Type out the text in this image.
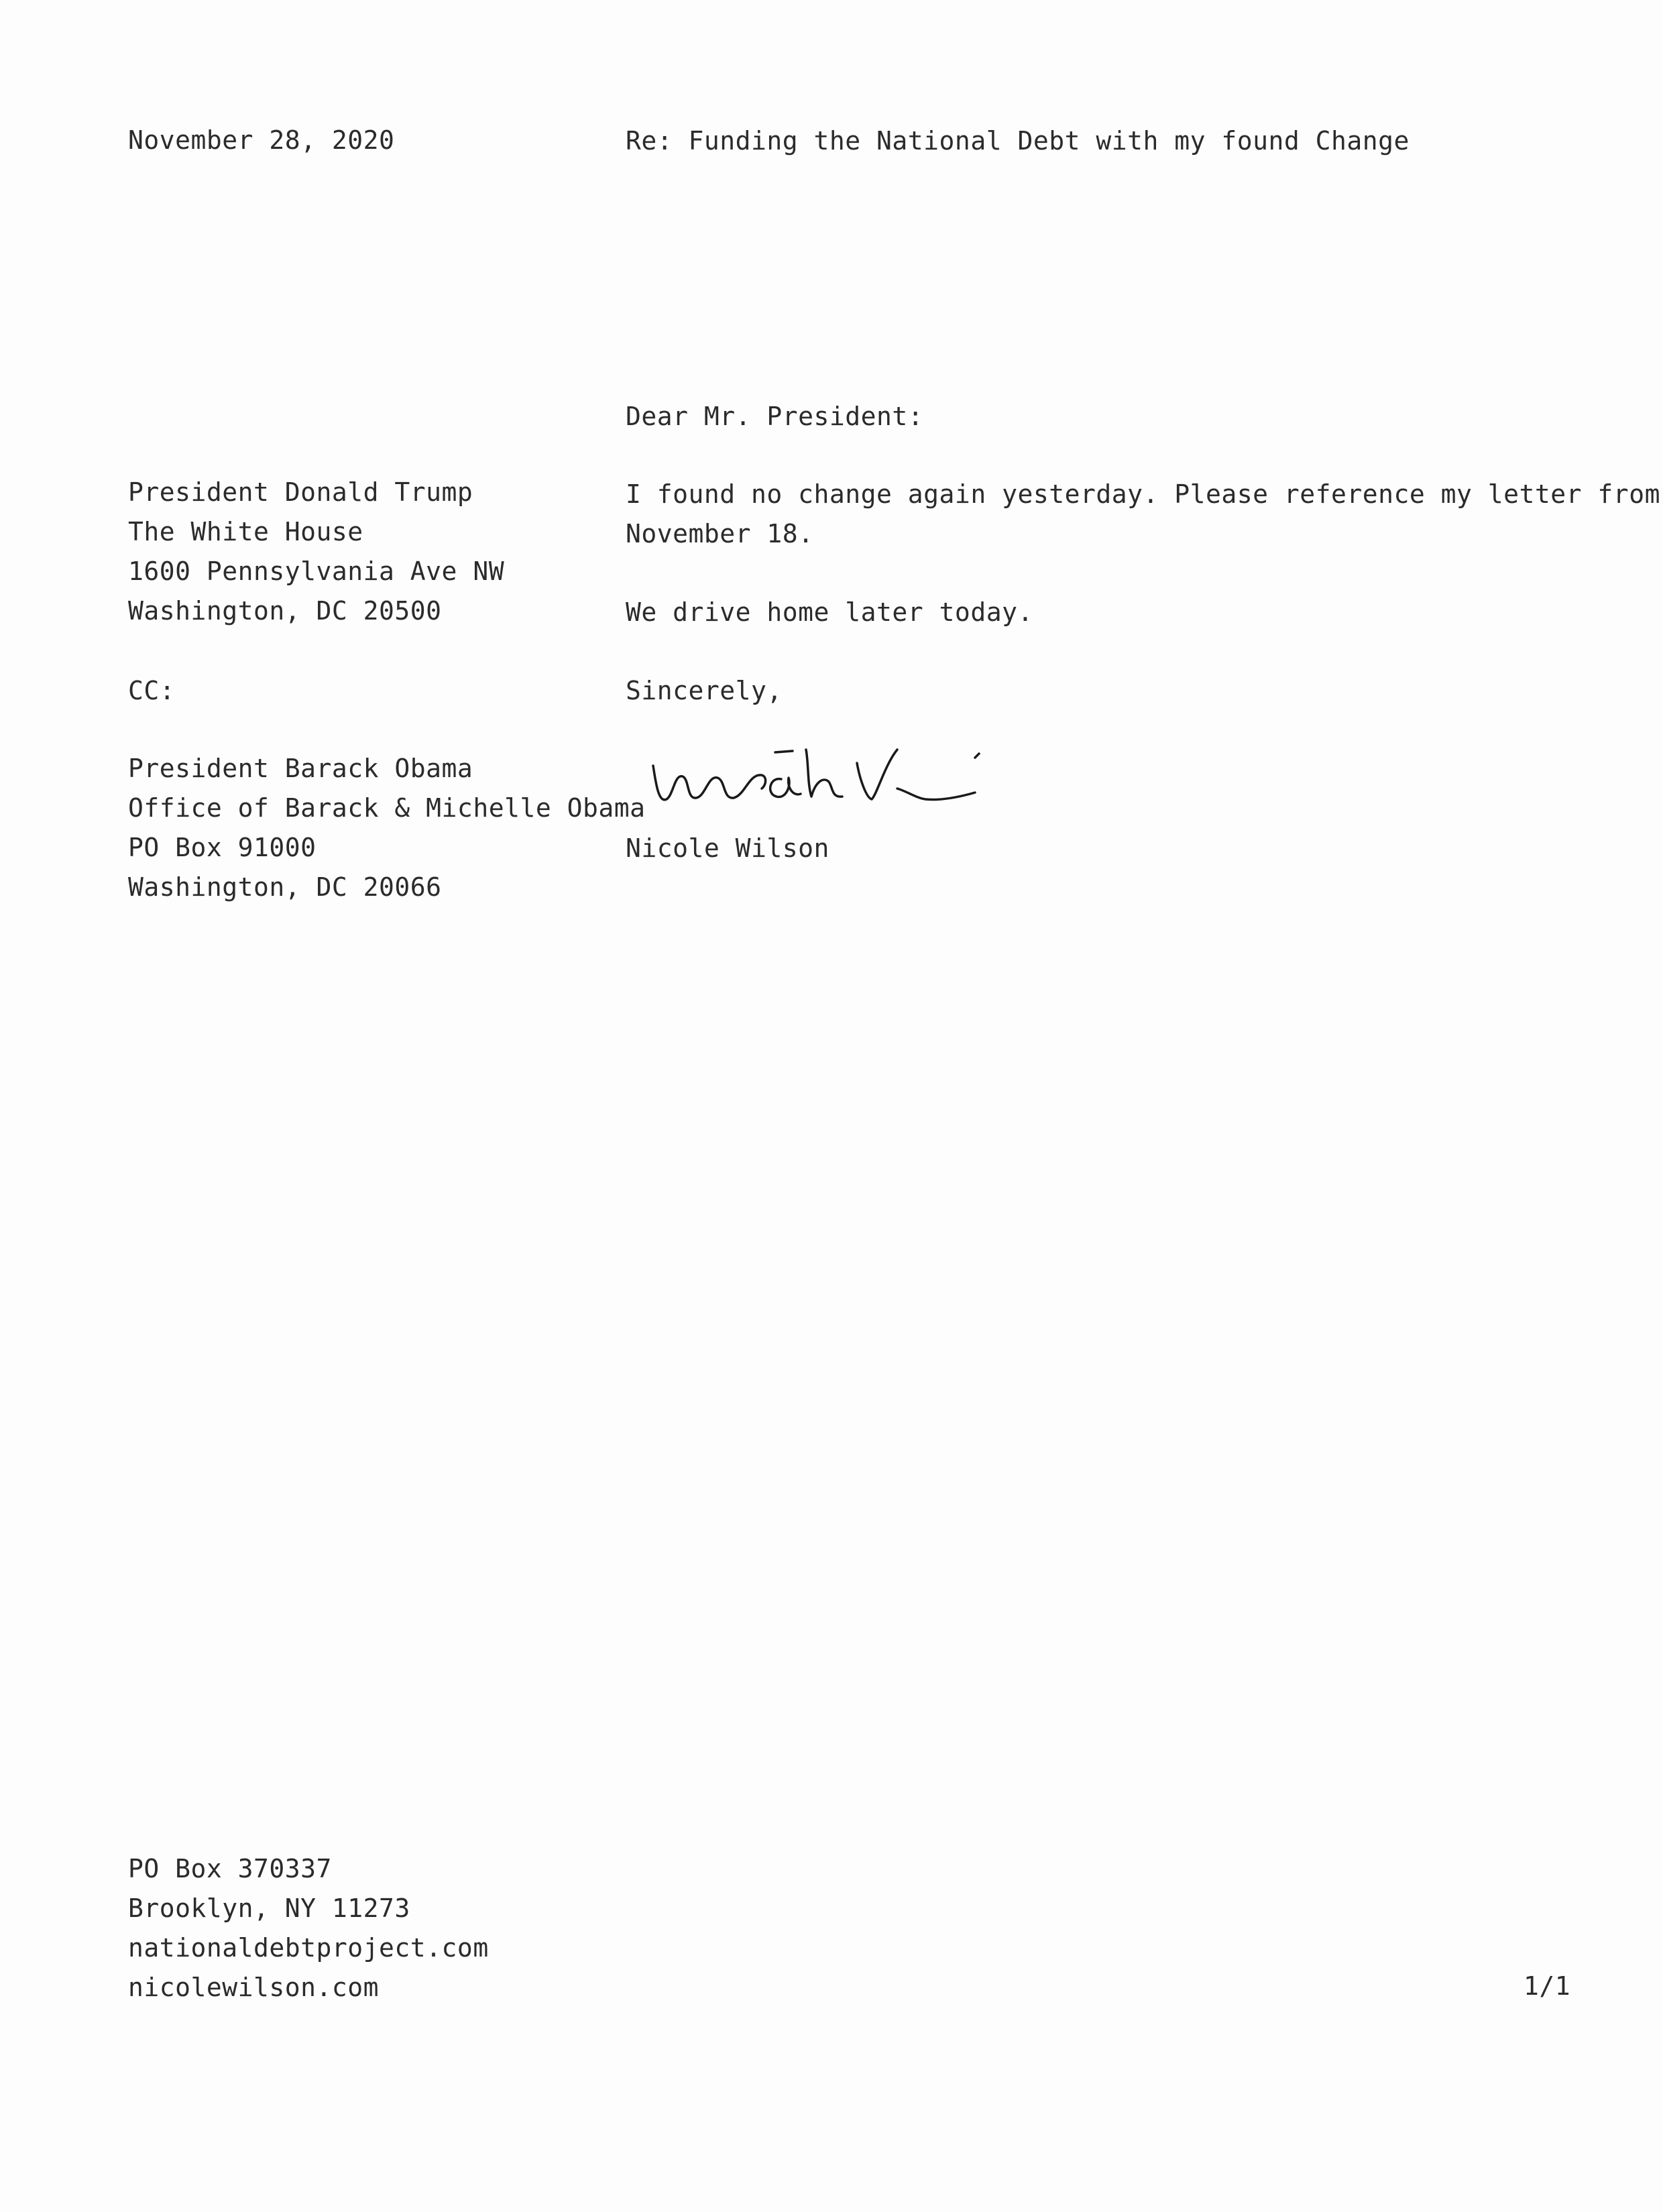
November 28, 2020	Re: Funding the National Debt with my found Change
Dear Mr. President:
President Donald Trump
The White House
1600 Pennsylvania Ave NW
Washington, DC 20500
I found no change again yesterday. Please reference my letter from
November 18.
We drive home later today.
CC:	Sincerely,
President Barack Obama
Office of Barack & Michelle Obama
PO Box 91000
Washington, DC 20066
Nicole Wilson
PO Box 370337
Brooklyn, NY 11273
nationaldebtproject.com
nicolewilson.com	1/1
